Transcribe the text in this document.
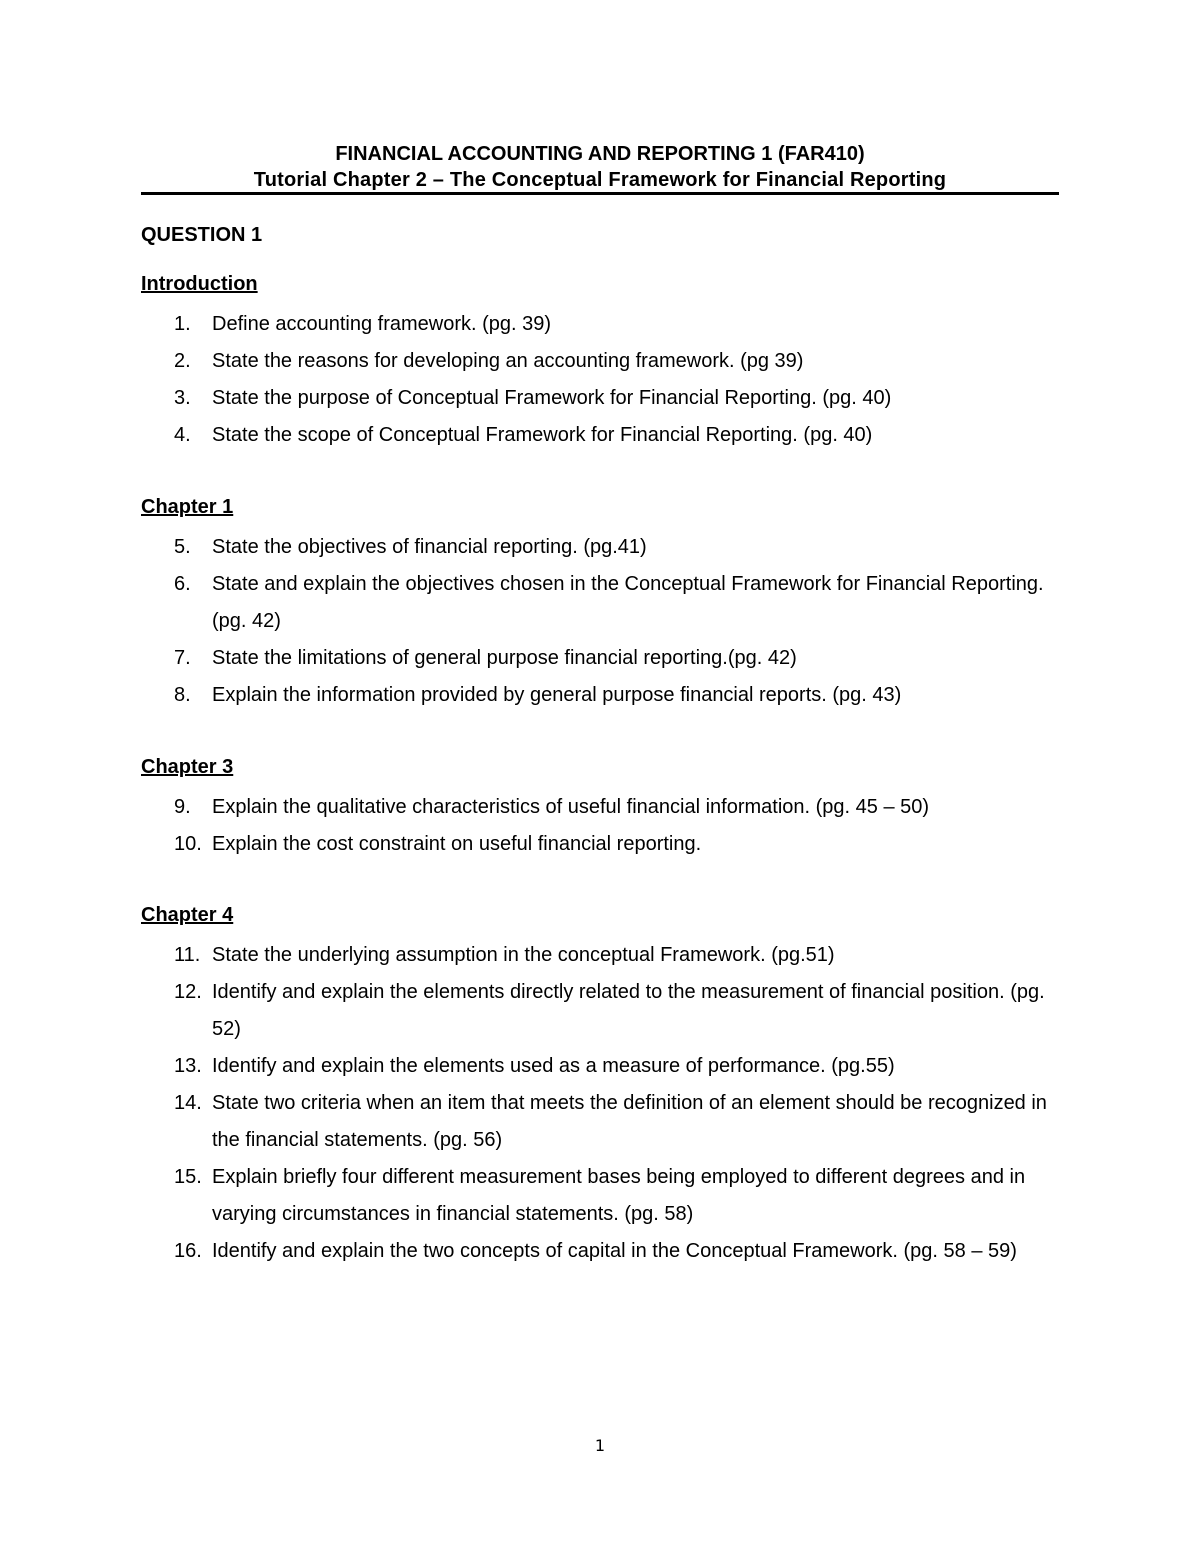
FINANCIAL ACCOUNTING AND REPORTING 1 (FAR410)

Tutorial Chapter 2 – The Conceptual Framework for Financial Reporting

QUESTION 1

Introduction

1.	Define accounting framework. (pg. 39)
2.	State the reasons for developing an accounting framework. (pg 39)
3.	State the purpose of Conceptual Framework for Financial Reporting. (pg. 40)
4.	State the scope of Conceptual Framework for Financial Reporting. (pg. 40)

Chapter 1

5.	State the objectives of financial reporting. (pg.41)
6.	State and explain the objectives chosen in the Conceptual Framework for Financial Reporting. (pg. 42)
7.	State the limitations of general purpose financial reporting.(pg. 42)
8.	Explain the information provided by general purpose financial reports. (pg. 43)

Chapter 3

9.	Explain the qualitative characteristics of useful financial information. (pg. 45 – 50)
10. Explain the cost constraint on useful financial reporting.

Chapter 4

11. State the underlying assumption in the conceptual Framework. (pg.51)
12. Identify and explain the elements directly related to the measurement of financial position. (pg. 52)
13. Identify and explain the elements used as a measure of performance. (pg.55)
14. State two criteria when an item that meets the definition of an element should be recognized in the financial statements. (pg. 56)
15. Explain briefly four different measurement bases being employed to different degrees and in varying circumstances in financial statements. (pg. 58)
16. Identify and explain the two concepts of capital in the Conceptual Framework. (pg. 58 – 59)
1
